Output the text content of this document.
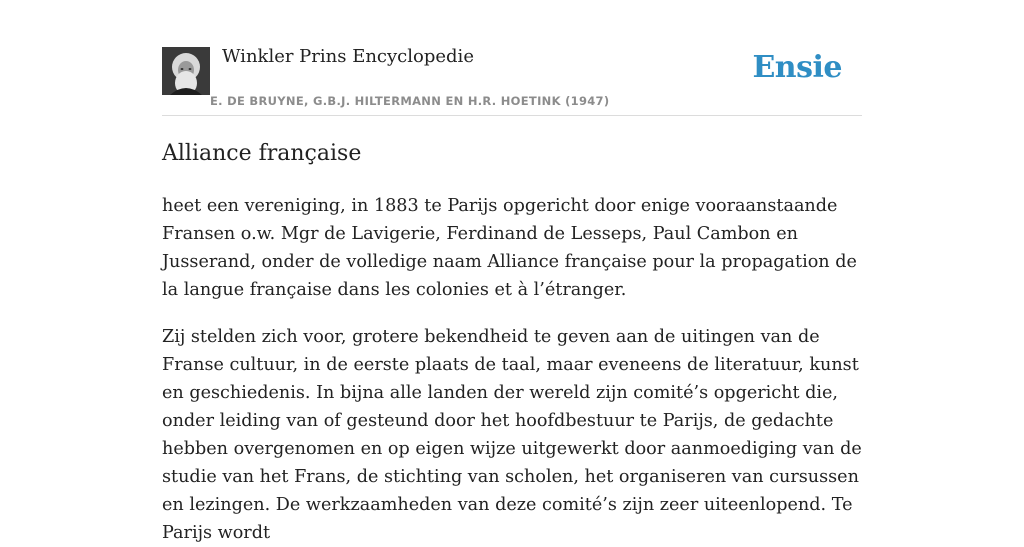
Winkler Prins Encyclopedie
E. DE BRUYNE, G.B.J. HILTERMANN EN H.R. HOETINK (1947)
Ensie
Alliance française

heet een vereniging, in 1883 te Parijs opgericht door enige vooraanstaande Fransen o.w. Mgr de Lavigerie, Ferdinand de Lesseps, Paul Cambon en Jusserand, onder de volledige naam Alliance française pour la propagation de la langue française dans les colonies et à l’étranger.

Zij stelden zich voor, grotere bekendheid te geven aan de uitingen van de Franse cultuur, in de eerste plaats de taal, maar eveneens de literatuur, kunst en geschiedenis. In bijna alle landen der wereld zijn comité’s opgericht die, onder leiding van of gesteund door het hoofdbestuur te Parijs, de gedachte hebben overgenomen en op eigen wijze uitgewerkt door aanmoediging van de studie van het Frans, de stichting van scholen, het organiseren van cursussen en lezingen. De werkzaamheden van deze comité’s zijn zeer uiteenlopend. Te Parijs wordt
